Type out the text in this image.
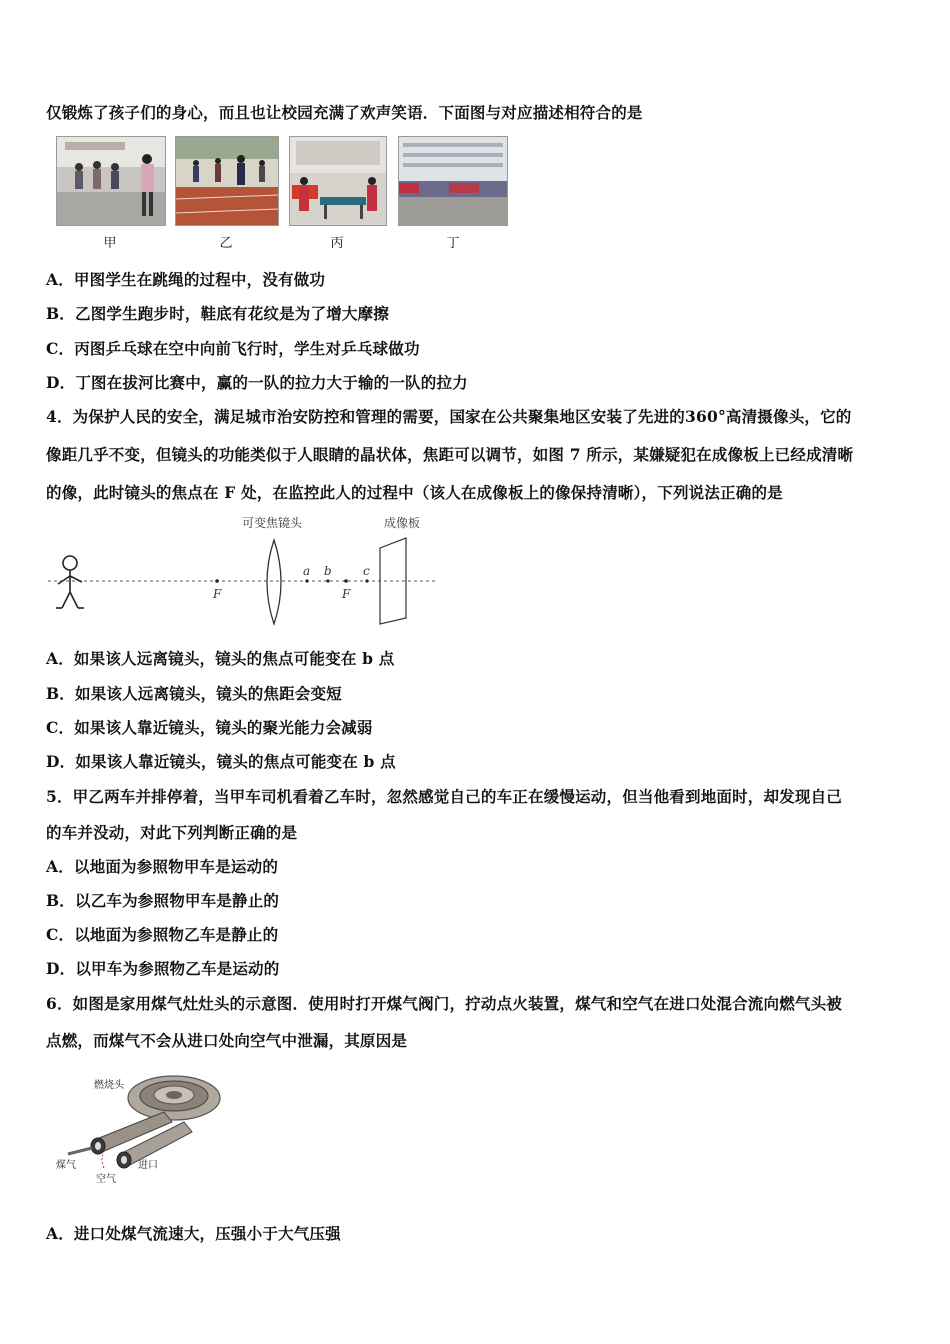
仅锻炼了孩子们的身心，而且也让校园充满了欢声笑语．下面图与对应描述相符合的是
甲	乙	丙	丁
A．甲图学生在跳绳的过程中，没有做功
B．乙图学生跑步时，鞋底有花纹是为了增大摩擦
C．丙图乒乓球在空中向前飞行时，学生对乒乓球做功
D．丁图在拔河比赛中，赢的一队的拉力大于输的一队的拉力
4．为保护人民的安全，满足城市治安防控和管理的需要，国家在公共聚集地区安装了先进的360°高清摄像头，它的
像距几乎不变，但镜头的功能类似于人眼睛的晶状体，焦距可以调节，如图 7 所示，某嫌疑犯在成像板上已经成清晰
的像，此时镜头的焦点在 F 处，在监控此人的过程中（该人在成像板上的像保持清晰），下列说法正确的是
可变焦镜头
F	F
a b	c
成像板
A．如果该人远离镜头，镜头的焦点可能变在 b 点
B．如果该人远离镜头，镜头的焦距会变短
C．如果该人靠近镜头，镜头的聚光能力会减弱
D．如果该人靠近镜头，镜头的焦点可能变在 b 点
5．甲乙两车并排停着，当甲车司机看着乙车时，忽然感觉自己的车正在缓慢运动，但当他看到地面时，却发现自己
的车并没动，对此下列判断正确的是
A．以地面为参照物甲车是运动的
B．以乙车为参照物甲车是静止的
C．以地面为参照物乙车是静止的
D．以甲车为参照物乙车是运动的
6．如图是家用煤气灶灶头的示意图．使用时打开煤气阀门，拧动点火装置，煤气和空气在进口处混合流向燃气头被
点燃，而煤气不会从进口处向空气中泄漏，其原因是
燃烧头
煤气
空气
进口
A．进口处煤气流速大，压强小于大气压强
